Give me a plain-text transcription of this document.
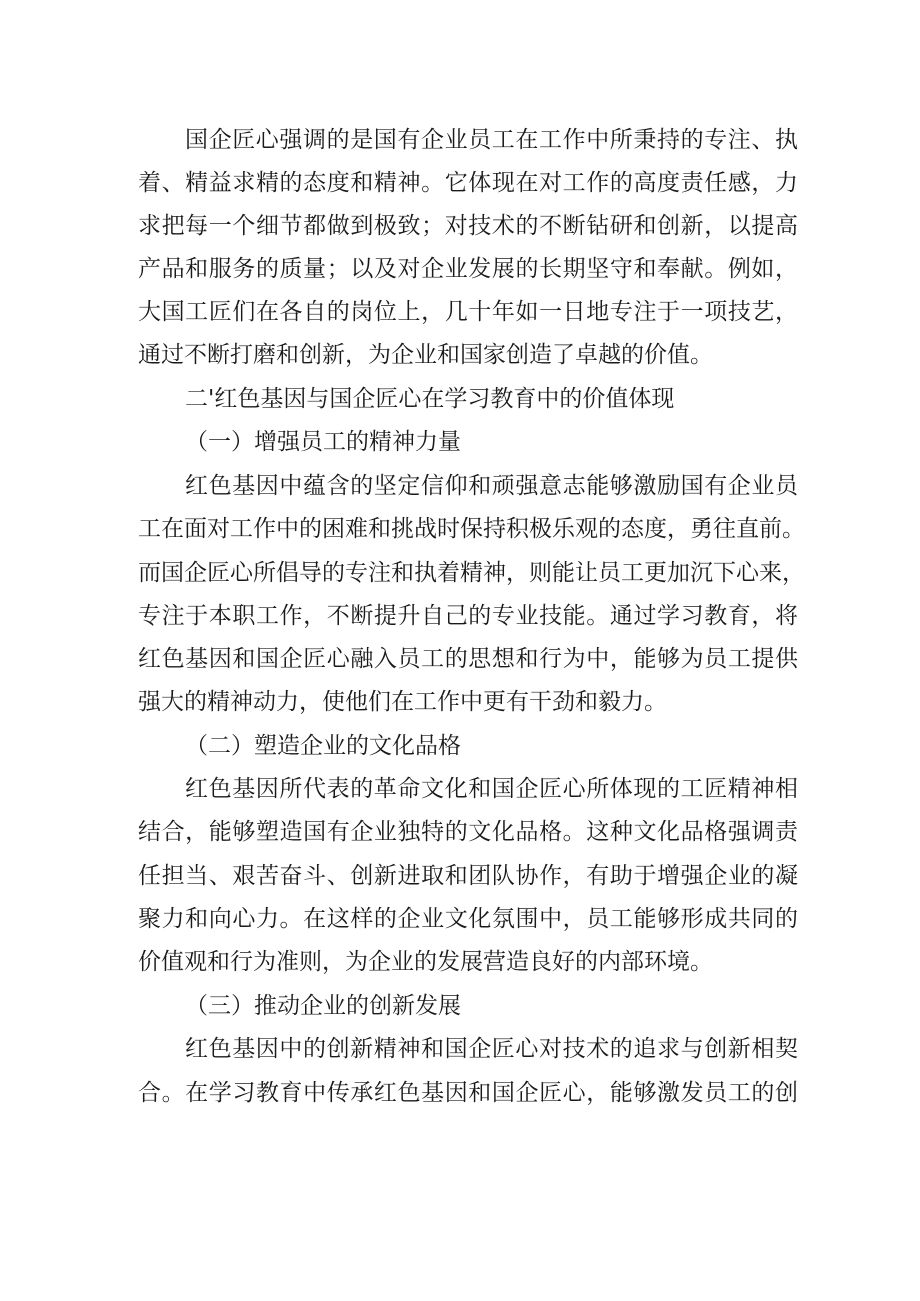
国企匠心强调的是国有企业员工在工作中所秉持的专注、执
着、精益求精的态度和精神。它体现在对工作的高度责任感，力
求把每一个细节都做到极致；对技术的不断钻研和创新，以提高
产品和服务的质量；以及对企业发展的长期坚守和奉献。例如，
大国工匠们在各自的岗位上，几十年如一日地专注于一项技艺，
通过不断打磨和创新，为企业和国家创造了卓越的价值。
二'红色基因与国企匠心在学习教育中的价值体现
（一）增强员工的精神力量
红色基因中蕴含的坚定信仰和顽强意志能够激励国有企业员
工在面对工作中的困难和挑战时保持积极乐观的态度，勇往直前。
而国企匠心所倡导的专注和执着精神，则能让员工更加沉下心来，
专注于本职工作，不断提升自己的专业技能。通过学习教育，将
红色基因和国企匠心融入员工的思想和行为中，能够为员工提供
强大的精神动力，使他们在工作中更有干劲和毅力。
（二）塑造企业的文化品格
红色基因所代表的革命文化和国企匠心所体现的工匠精神相
结合，能够塑造国有企业独特的文化品格。这种文化品格强调责
任担当、艰苦奋斗、创新进取和团队协作，有助于增强企业的凝
聚力和向心力。在这样的企业文化氛围中，员工能够形成共同的
价值观和行为准则，为企业的发展营造良好的内部环境。
（三）推动企业的创新发展
红色基因中的创新精神和国企匠心对技术的追求与创新相契
合。在学习教育中传承红色基因和国企匠心，能够激发员工的创
